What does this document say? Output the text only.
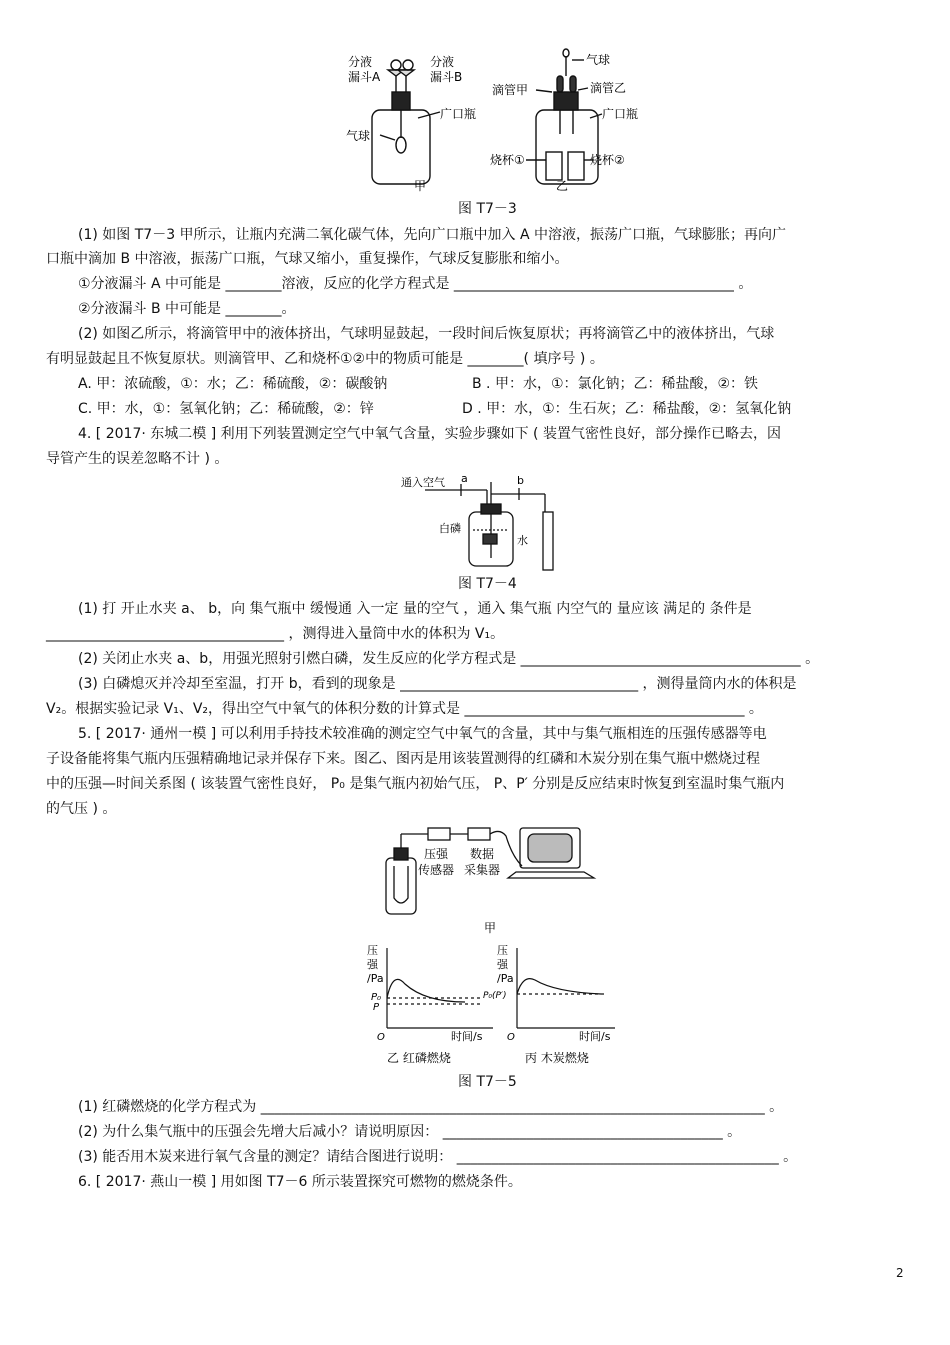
分液
漏斗A
分液
漏斗B
气球
广口瓶
甲
气球
滴管甲	滴管乙
广口瓶
烧杯①	烧杯②
乙
图 T7－3
(1) 如图 T7－3 甲所示，让瓶内充满二氧化碳气体，先向广口瓶中加入 A 中溶液，振荡广口瓶，气球膨胀；再向广
口瓶中滴加 B 中溶液，振荡广口瓶，气球又缩小，重复操作，气球反复膨胀和缩小。
①分液漏斗 A 中可能是 ________溶液，反应的化学方程式是 ________________________________________ 。
②分液漏斗 B 中可能是 ________。
(2) 如图乙所示，将滴管甲中的液体挤出，气球明显鼓起，一段时间后恢复原状；再将滴管乙中的液体挤出，气球
有明显鼓起且不恢复原状。则滴管甲、乙和烧杯①②中的物质可能是 ________( 填序号 ) 。
A. 甲：浓硫酸，①：水；乙：稀硫酸，②：碳酸钠	B . 甲：水，①：氯化钠；乙：稀盐酸，②：铁
C. 甲：水，①：氢氧化钠；乙：稀硫酸，②：锌	D . 甲：水，①：生石灰；乙：稀盐酸，②：氢氧化钠
4. [ 2017· 东城二模 ] 利用下列装置测定空气中氧气含量，实验步骤如下 ( 装置气密性良好，部分操作已略去，因
导管产生的误差忽略不计 ) 。
通入空气 a	b
白磷
水
图 T7－4
(1) 打 开止水夹 a、 b，向 集气瓶中 缓慢通 入一定 量的空气 ，通入 集气瓶 内空气的 量应该 满足的 条件是
__________________________________ ，测得进入量筒中水的体积为 V₁。
(2) 关闭止水夹 a、b，用强光照射引燃白磷，发生反应的化学方程式是 ________________________________________ 。
(3) 白磷熄灭并冷却至室温，打开 b，看到的现象是 __________________________________ ，测得量筒内水的体积是
V₂。根据实验记录 V₁、V₂，得出空气中氧气的体积分数的计算式是 ________________________________________ 。
5. [ 2017· 通州一模 ] 可以利用手持技术较准确的测定空气中氧气的含量，其中与集气瓶相连的压强传感器等电
子设备能将集气瓶内压强精确地记录并保存下来。图乙、图丙是用该装置测得的红磷和木炭分别在集气瓶中燃烧过程
中的压强—时间关系图 ( 该装置气密性良好， P₀ 是集气瓶内初始气压， P、P′ 分别是反应结束时恢复到室温时集气瓶内
的气压 ) 。
压强
传感器
数据
采集器
甲
压
强
/Pa
P₀
P
O	时间/s
压
强
/Pa
P₀(P′)
O	时间/s
乙 红磷燃烧	丙 木炭燃烧
图 T7－5
(1) 红磷燃烧的化学方程式为 ________________________________________________________________________ 。
(2) 为什么集气瓶中的压强会先增大后减小？请说明原因： ________________________________________ 。
(3) 能否用木炭来进行氧气含量的测定？请结合图进行说明： ______________________________________________ 。
6. [ 2017· 燕山一模 ] 用如图 T7－6 所示装置探究可燃物的燃烧条件。
2
